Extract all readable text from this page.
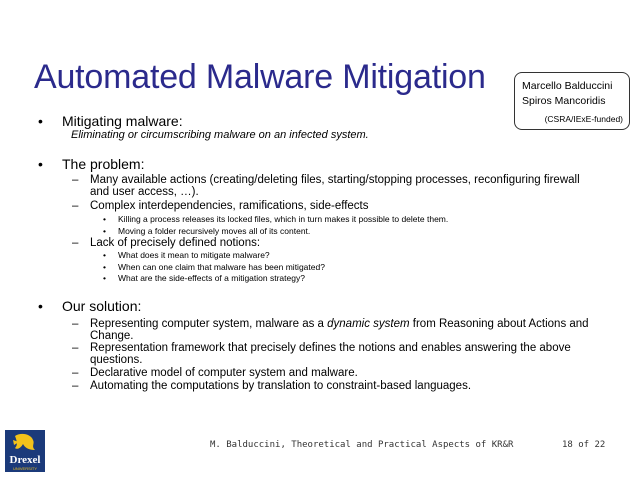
Automated Malware Mitigation	Marcello Balduccini
Spiros Mancoridis
(CSRA/IExE-funded)
• Mitigating malware:
Eliminating or circumscribing malware on an infected system.
• The problem:
– Many available actions (creating/deleting files, starting/stopping processes, reconfiguring firewall
and user access, …).
– Complex interdependencies, ramifications, side-effects
• Killing a process releases its locked files, which in turn makes it possible to delete them.
• Moving a folder recursively moves all of its content.
– Lack of precisely defined notions:
• What does it mean to mitigate malware?
• When can one claim that malware has been mitigated?
• What are the side-effects of a mitigation strategy?
• Our solution:
– Representing computer system, malware as a dynamic system from Reasoning about Actions and
Change.
– Representation framework that precisely defines the notions and enables answering the above
questions.
– Declarative model of computer system and malware.
– Automating the computations by translation to constraint-based languages.
Drexel
UNIVERSITY
M. Balduccini, Theoretical and Practical Aspects of KR&R	18 of 22
